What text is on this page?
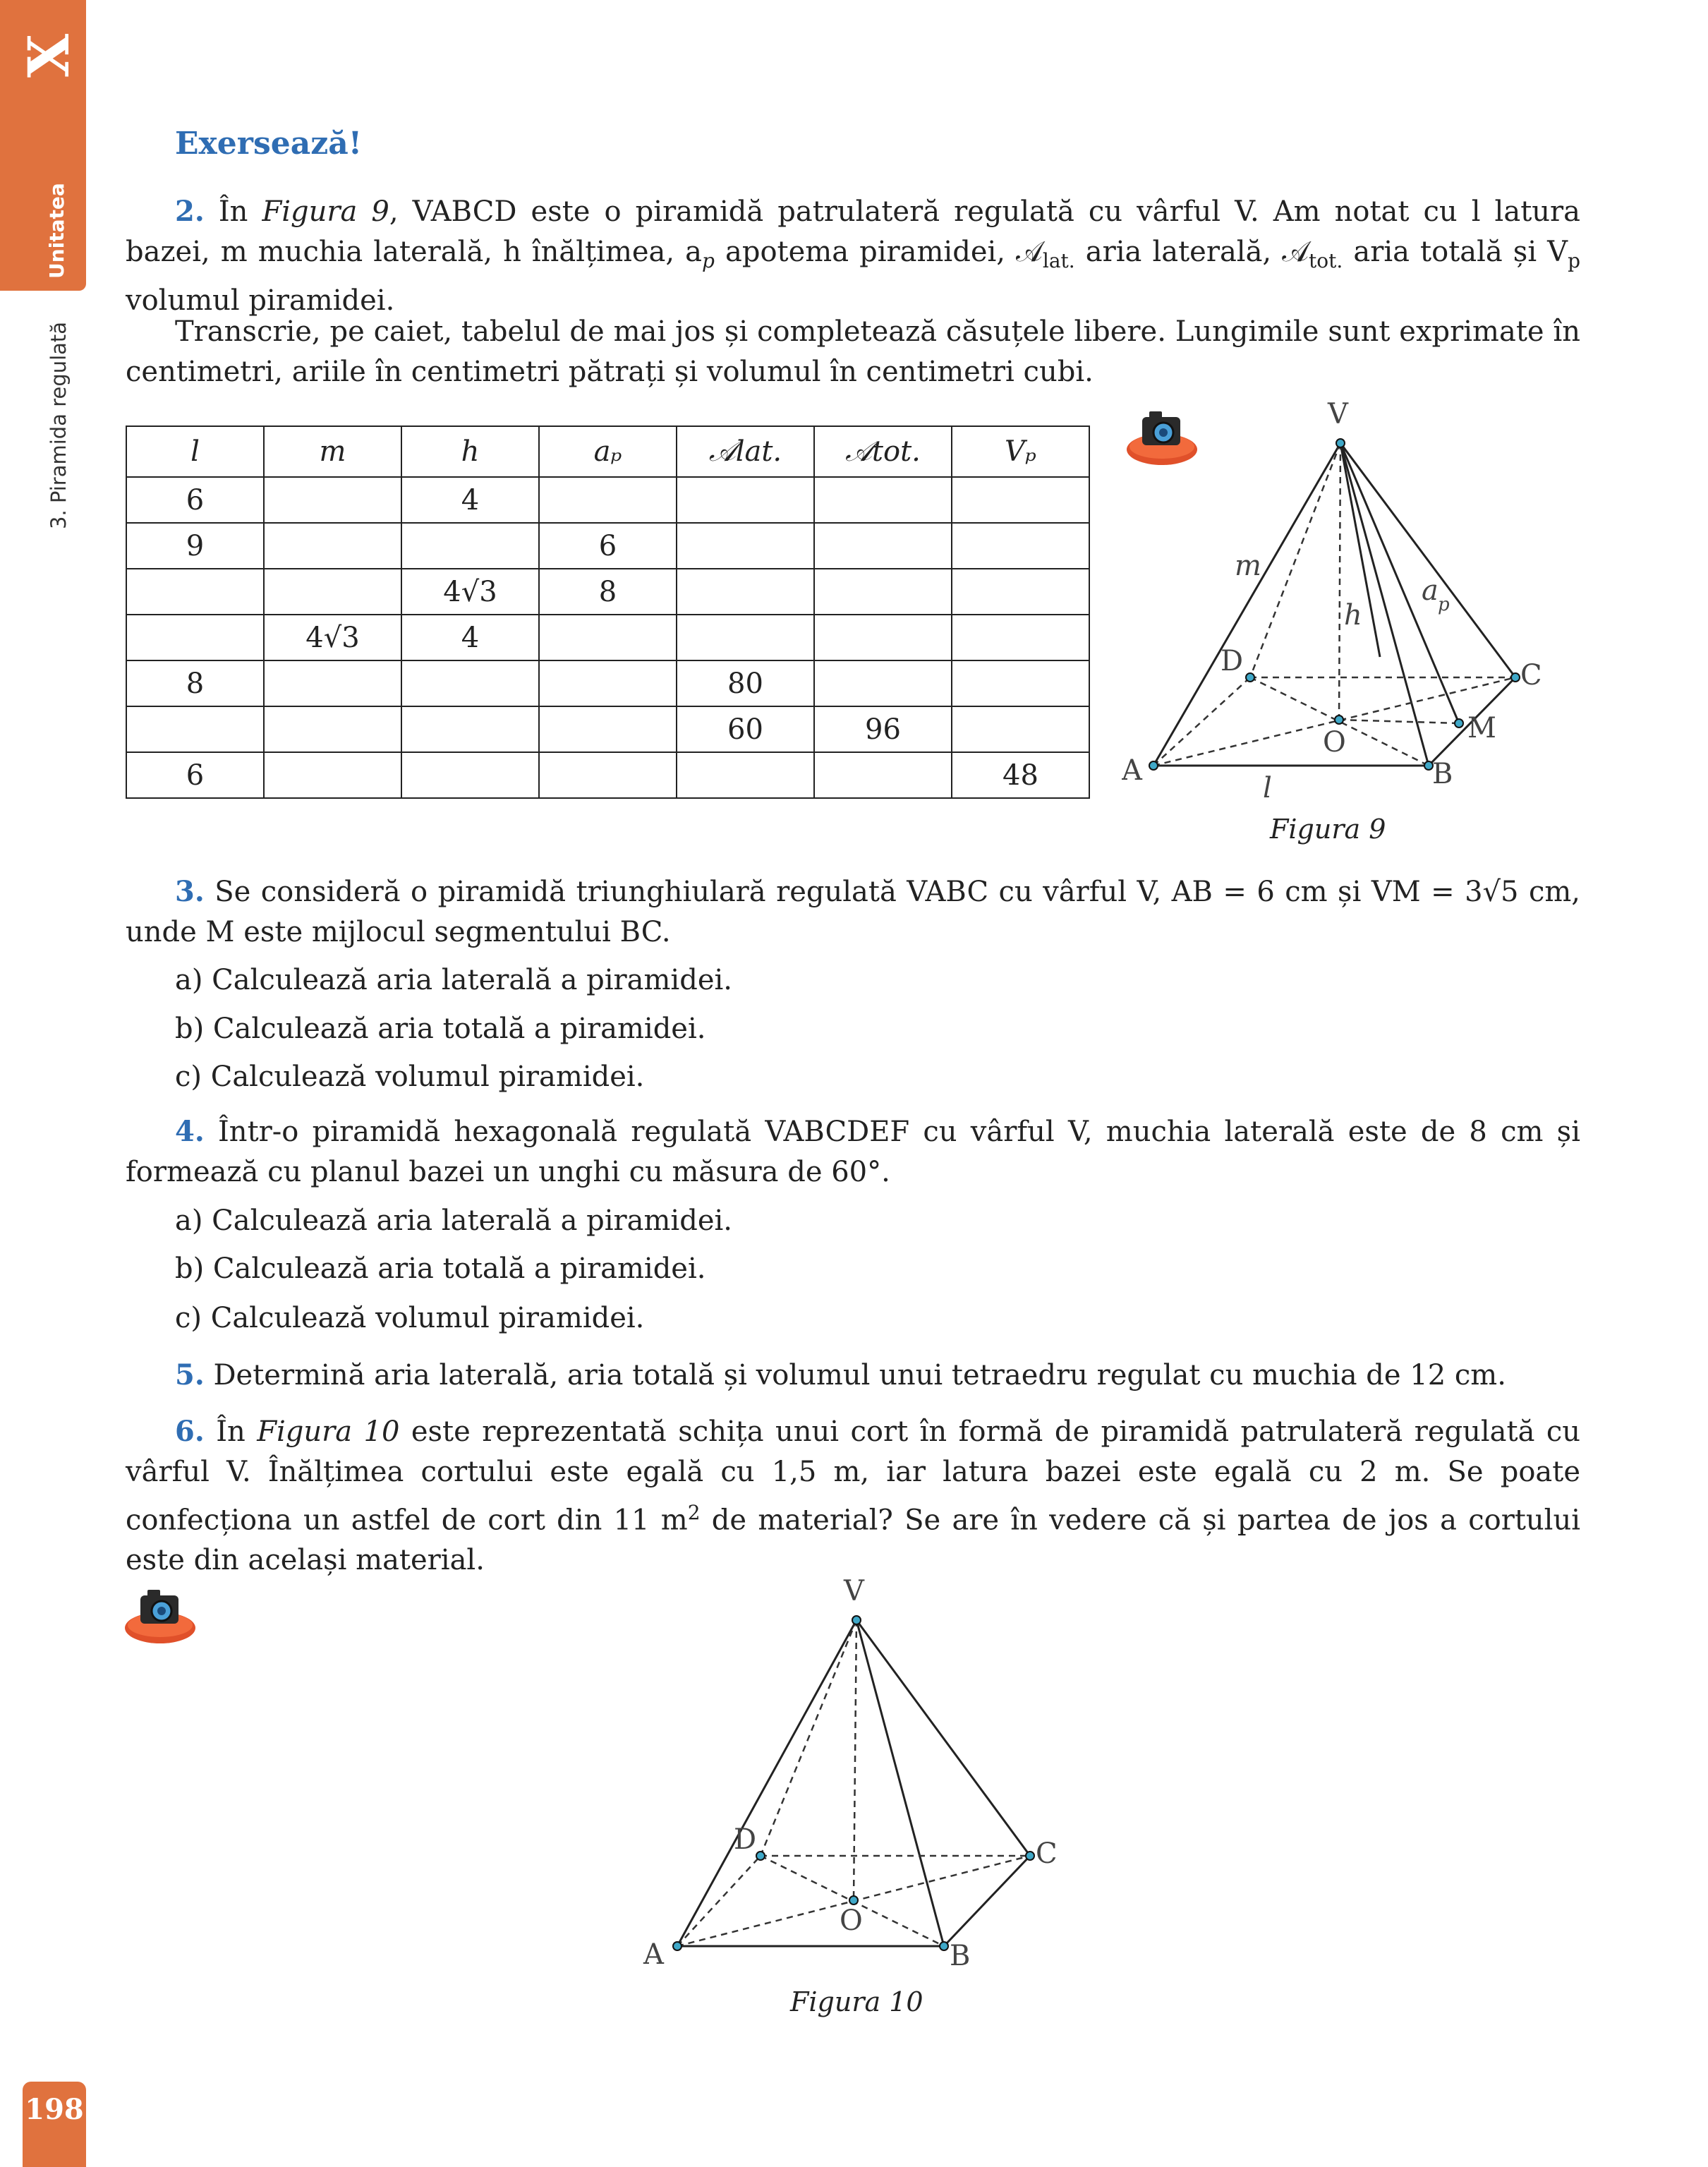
X
Unitatea
3. Piramida regulată
198
Exersează!
2. În Figura 9, VABCD este o piramidă patrulateră regulată cu vârful V. Am notat cu l latura bazei, m muchia laterală, h înălțimea, $a_p$ apotema piramidei, 𝒜$_{lat.}$ aria laterală, 𝒜$_{tot.}$ aria totală și $V_p$ volumul piramidei.
Transcrie, pe caiet, tabelul de mai jos și completează căsuțele libere. Lungimile sunt exprimate în centimetri, ariile în centimetri pătrați și volumul în centimetri cubi.
l	m	h	aₚ	𝒜lat.	𝒜tot.	Vₚ
6		4				
9			6			
		4√3	8			
	4√3	4				
8				80		
				60	96	
6						48
V
A	B
C
D
O	M
m
h
a p
l
Figura 9
3. Se consideră o piramidă triunghiulară regulată VABC cu vârful V, AB = 6 cm și VM = 3√5 cm, unde M este mijlocul segmentului BC.
a) Calculează aria laterală a piramidei.
b) Calculează aria totală a piramidei.
c) Calculează volumul piramidei.
4. Într-o piramidă hexagonală regulată VABCDEF cu vârful V, muchia laterală este de 8 cm și formează cu planul bazei un unghi cu măsura de 60°.
a) Calculează aria laterală a piramidei.
b) Calculează aria totală a piramidei.
c) Calculează volumul piramidei.
5. Determină aria laterală, aria totală și volumul unui tetraedru regulat cu muchia de 12 cm.
6. În Figura 10 este reprezentată schița unui cort în formă de piramidă patrulateră regulată cu vârful V. Înălțimea cortului este egală cu 1,5 m, iar latura bazei este egală cu 2 m. Se poate confecționa un astfel de cort din 11 $m^2$ de material? Se are în vedere că și partea de jos a cortului este din același material.
V
A	B
C
D
O
Figura 10
